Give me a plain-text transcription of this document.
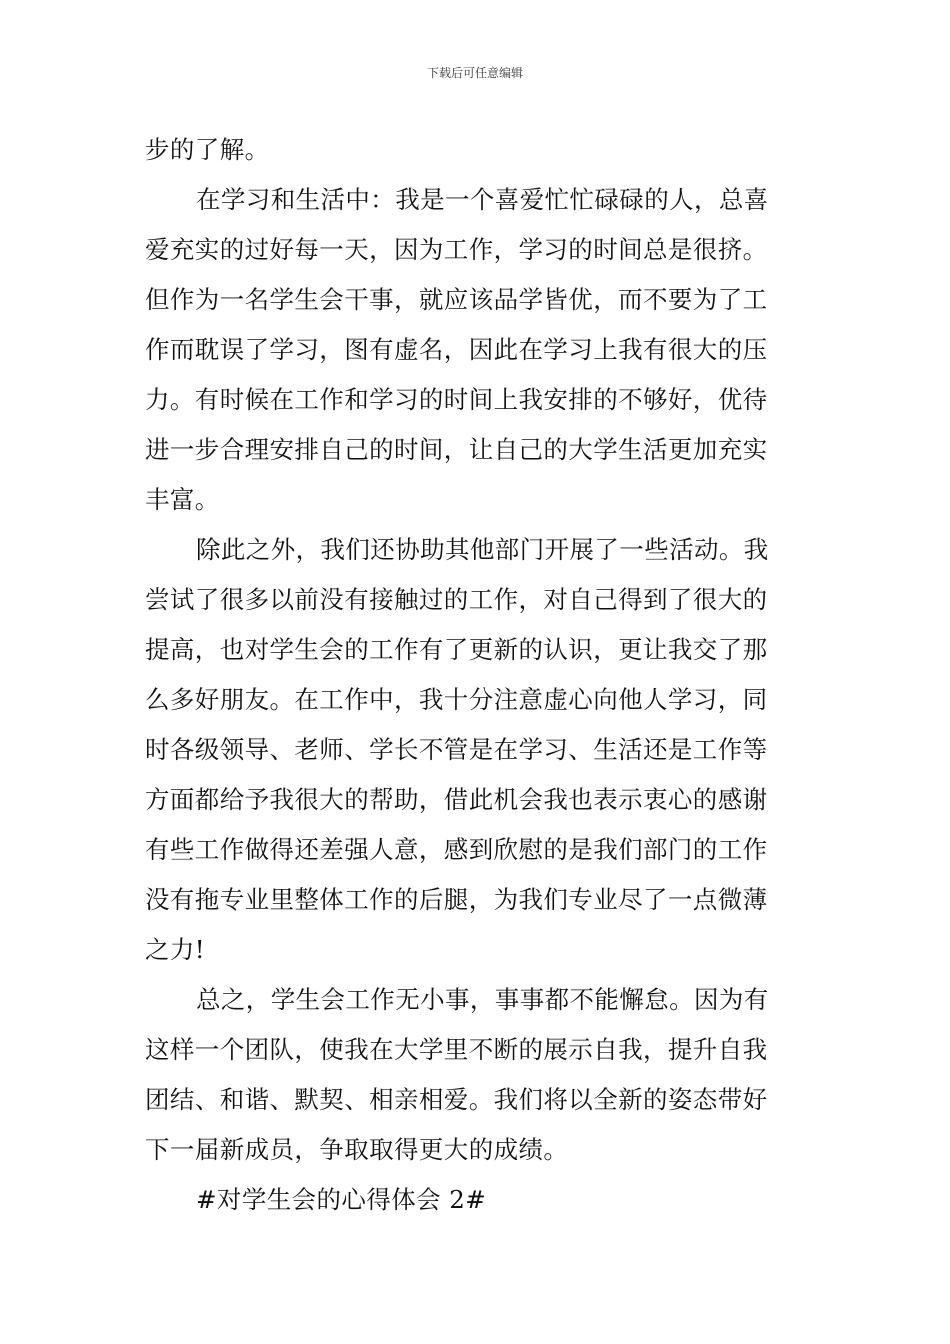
下载后可任意编辑
步的了解。
在学习和生活中：我是一个喜爱忙忙碌碌的人，总喜
爱充实的过好每一天，因为工作，学习的时间总是很挤。
但作为一名学生会干事，就应该品学皆优，而不要为了工
作而耽误了学习，图有虚名，因此在学习上我有很大的压
力。有时候在工作和学习的时间上我安排的不够好，优待
进一步合理安排自己的时间，让自己的大学生活更加充实
丰富。
除此之外，我们还协助其他部门开展了一些活动。我
尝试了很多以前没有接触过的工作，对自己得到了很大的
提高，也对学生会的工作有了更新的认识，更让我交了那
么多好朋友。在工作中，我十分注意虚心向他人学习，同
时各级领导、老师、学长不管是在学习、生活还是工作等
方面都给予我很大的帮助，借此机会我也表示衷心的感谢
有些工作做得还差强人意，感到欣慰的是我们部门的工作
没有拖专业里整体工作的后腿，为我们专业尽了一点微薄
之力!
总之，学生会工作无小事，事事都不能懈怠。因为有
这样一个团队，使我在大学里不断的展示自我，提升自我
团结、和谐、默契、相亲相爱。我们将以全新的姿态带好
下一届新成员，争取取得更大的成绩。
#对学生会的心得体会 2#
